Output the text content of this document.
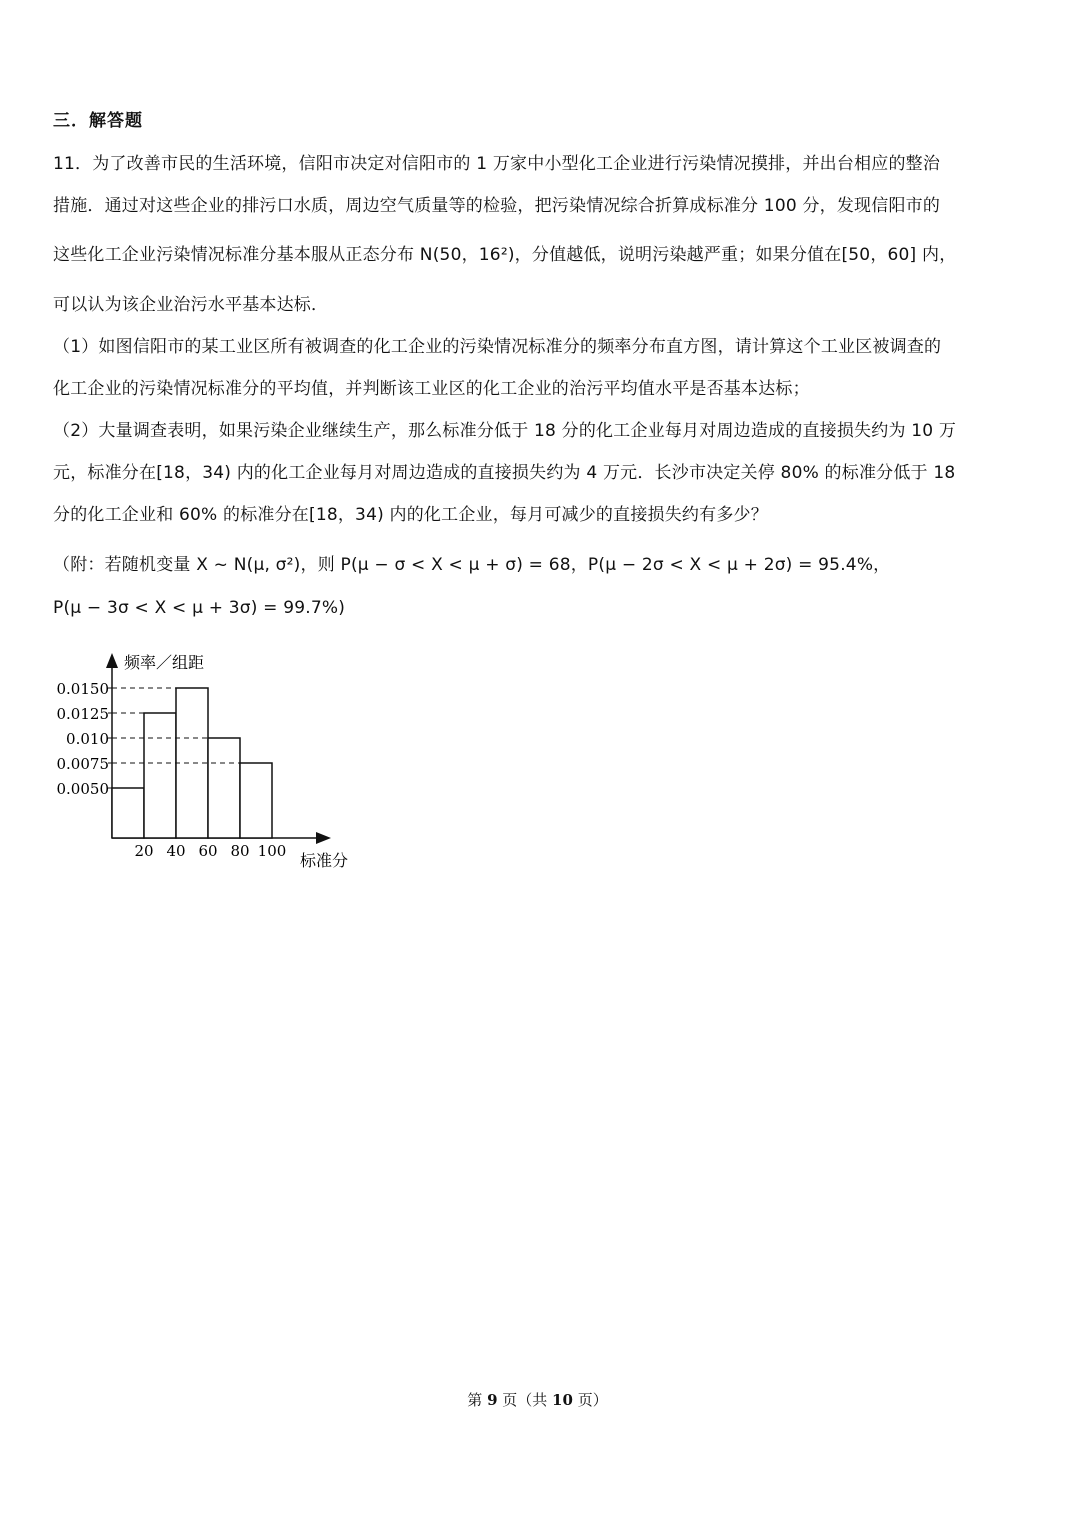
三．解答题
11．为了改善市民的生活环境，信阳市决定对信阳市的 1 万家中小型化工企业进行污染情况摸排，并出台相应的整治
措施．通过对这些企业的排污口水质，周边空气质量等的检验，把污染情况综合折算成标准分 100 分，发现信阳市的
这些化工企业污染情况标准分基本服从正态分布 N(50，16²)，分值越低，说明污染越严重；如果分值在[50，60] 内，
可以认为该企业治污水平基本达标．
（1）如图信阳市的某工业区所有被调查的化工企业的污染情况标准分的频率分布直方图，请计算这个工业区被调查的
化工企业的污染情况标准分的平均值，并判断该工业区的化工企业的治污平均值水平是否基本达标；
（2）大量调查表明，如果污染企业继续生产，那么标准分低于 18 分的化工企业每月对周边造成的直接损失约为 10 万
元，标准分在[18，34) 内的化工企业每月对周边造成的直接损失约为 4 万元．长沙市决定关停 80% 的标准分低于 18
分的化工企业和 60% 的标准分在[18，34) 内的化工企业，每月可减少的直接损失约有多少？
（附：若随机变量 X ~ N(μ, σ²)，则 P(μ − σ < X < μ + σ) = 68，P(μ − 2σ < X < μ + 2σ) = 95.4%，
P(μ − 3σ < X < μ + 3σ) = 99.7%)
频率／组距
标准分
0.0150
0.0125
0.010
0.0075
0.0050
20 40 60 80 100
第 9 页（共 10 页）
